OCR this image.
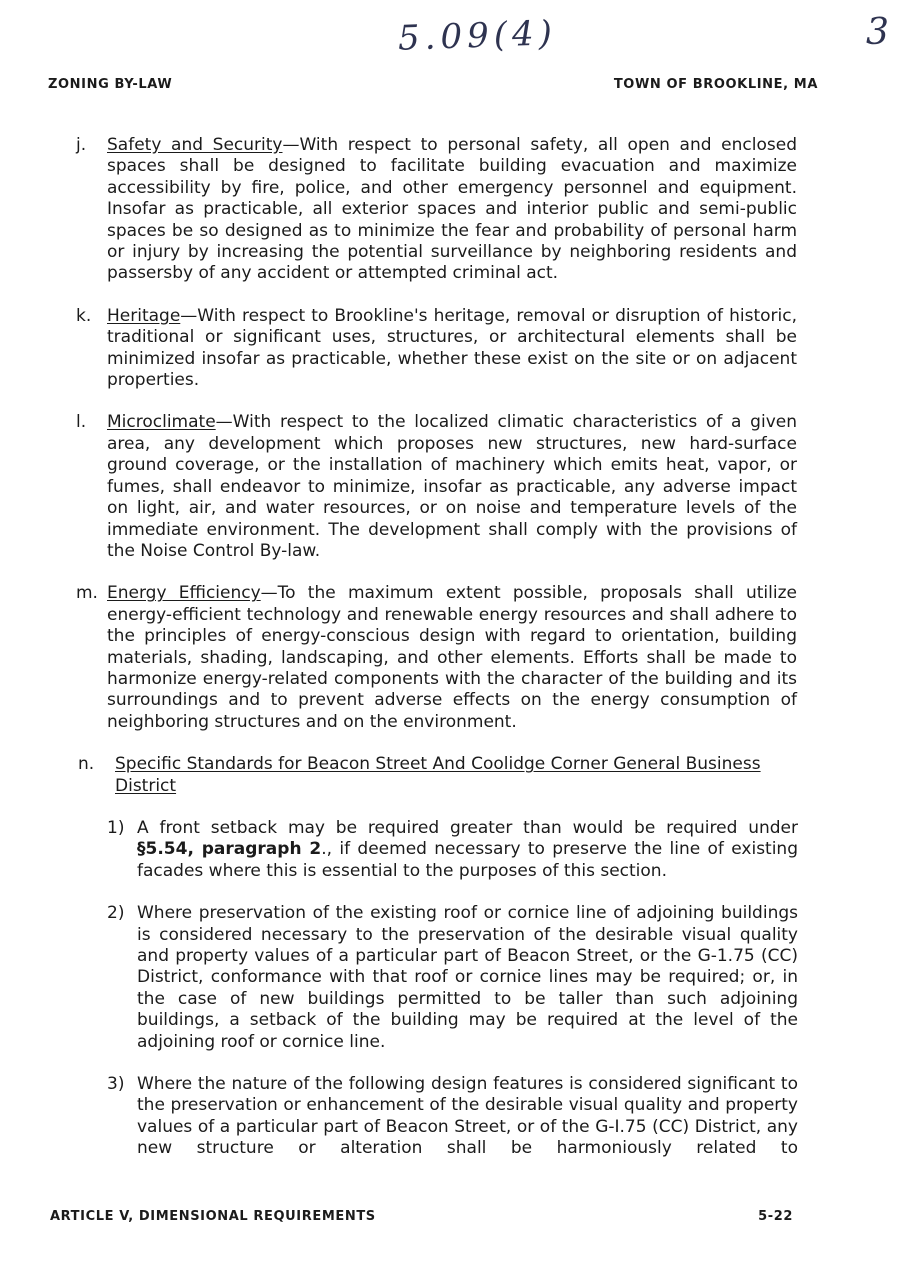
5.09(4)	3
ZONING BY-LAW	TOWN OF BROOKLINE, MA
j. Safety and Security—With respect to personal safety, all open and enclosed spaces shall be designed to facilitate building evacuation and maximize accessibility by fire, police, and other emergency personnel and equipment. Insofar as practicable, all exterior spaces and interior public and semi-public spaces be so designed as to minimize the fear and probability of personal harm or injury by increasing the potential surveillance by neighboring residents and passersby of any accident or attempted criminal act.

k. Heritage—With respect to Brookline's heritage, removal or disruption of historic, traditional or significant uses, structures, or architectural elements shall be minimized insofar as practicable, whether these exist on the site or on adjacent properties.

l. Microclimate—With respect to the localized climatic characteristics of a given area, any development which proposes new structures, new hard-surface ground coverage, or the installation of machinery which emits heat, vapor, or fumes, shall endeavor to minimize, insofar as practicable, any adverse impact on light, air, and water resources, or on noise and temperature levels of the immediate environment. The development shall comply with the provisions of the Noise Control By-law.

m. Energy Efficiency—To the maximum extent possible, proposals shall utilize energy-efficient technology and renewable energy resources and shall adhere to the principles of energy-conscious design with regard to orientation, building materials, shading, landscaping, and other elements. Efforts shall be made to harmonize energy-related components with the character of the building and its surroundings and to prevent adverse effects on the energy consumption of neighboring structures and on the environment.

n. Specific Standards for Beacon Street And Coolidge Corner General Business District

1) A front setback may be required greater than would be required under §5.54, paragraph 2., if deemed necessary to preserve the line of existing facades where this is essential to the purposes of this section.

2) Where preservation of the existing roof or cornice line of adjoining buildings is considered necessary to the preservation of the desirable visual quality and property values of a particular part of Beacon Street, or the G-1.75 (CC) District, conformance with that roof or cornice lines may be required; or, in the case of new buildings permitted to be taller than such adjoining buildings, a setback of the building may be required at the level of the adjoining roof or cornice line.

3) Where the nature of the following design features is considered significant to the preservation or enhancement of the desirable visual quality and property values of a particular part of Beacon Street, or of the G-I.75 (CC) District, any new structure or alteration shall be harmoniously related to

ARTICLE V, DIMENSIONAL REQUIREMENTS	5-22
